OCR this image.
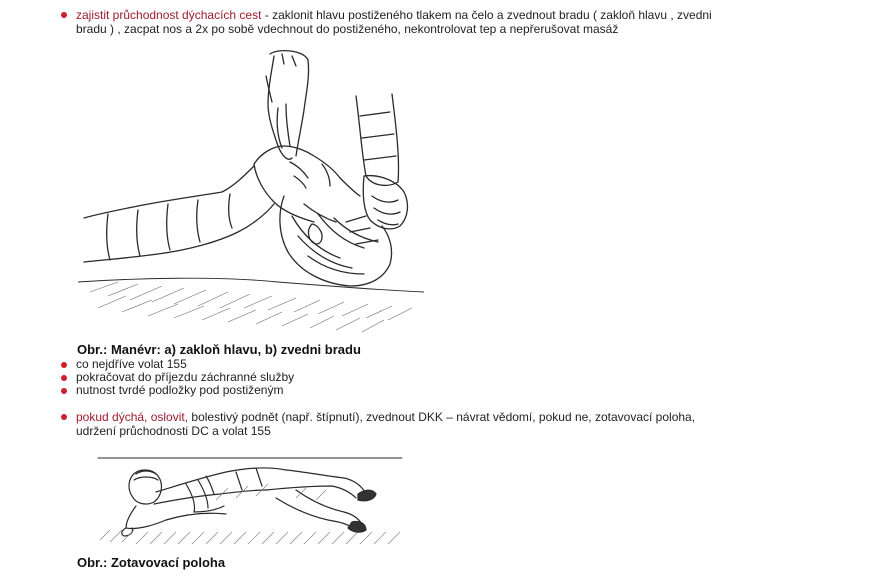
zajistit průchodnost dýchacích cest - zaklonit hlavu postiženého tlakem na čelo a zvednout bradu ( zakloň hlavu , zvedni
bradu ) , zacpat nos a 2x po sobě vdechnout do postiženého, nekontrolovat tep a nepřerušovat masáž
Obr.: Manévr: a) zakloň hlavu, b) zvedni bradu
co nejdříve volat 155
pokračovat do příjezdu záchranné služby
nutnost tvrdé podložky pod postiženým
pokud dýchá, oslovit, bolestivý podnět (např. štípnutí), zvednout DKK – návrat vědomí, pokud ne, zotavovací poloha,
udržení průchodnosti DC a volat 155
Obr.: Zotavovací poloha
